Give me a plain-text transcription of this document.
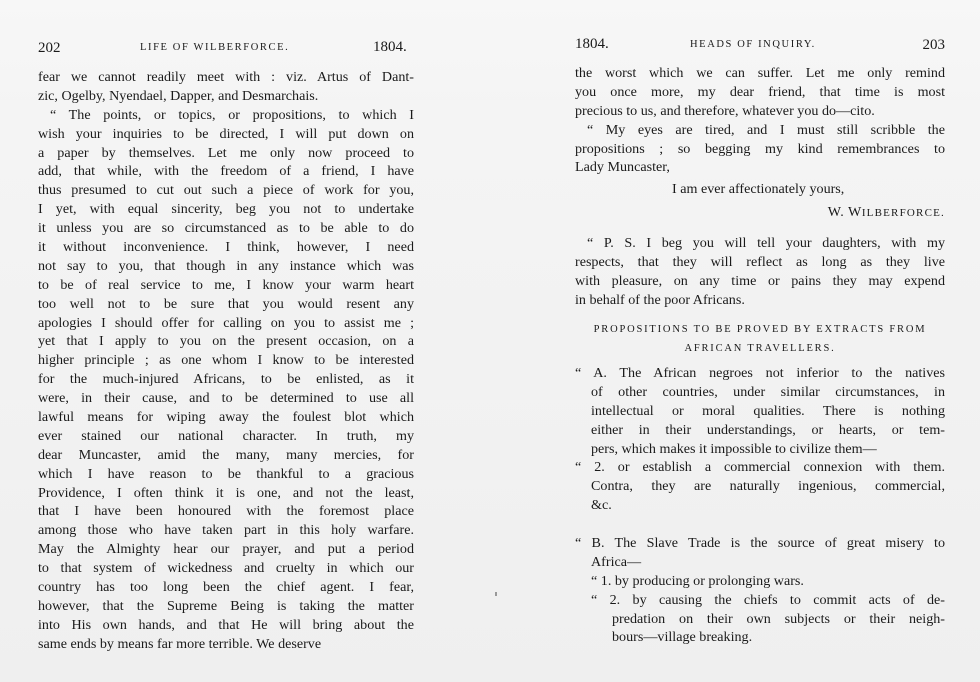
202	LIFE OF WILBERFORCE.	1804.
fear we cannot readily meet with : viz. Artus of Dant-
zic, Ogelby, Nyendael, Dapper, and Desmarchais.
“ The points, or topics, or propositions, to which I
wish your inquiries to be directed, I will put down on
a paper by themselves. Let me only now proceed to
add, that while, with the freedom of a friend, I have
thus presumed to cut out such a piece of work for you,
I yet, with equal sincerity, beg you not to undertake
it unless you are so circumstanced as to be able to do
it without inconvenience. I think, however, I need
not say to you, that though in any instance which was
to be of real service to me, I know your warm heart
too well not to be sure that you would resent any
apologies I should offer for calling on you to assist me ;
yet that I apply to you on the present occasion, on a
higher principle ; as one whom I know to be interested
for the much-injured Africans, to be enlisted, as it
were, in their cause, and to be determined to use all
lawful means for wiping away the foulest blot which
ever stained our national character. In truth, my
dear Muncaster, amid the many, many mercies, for
which I have reason to be thankful to a gracious
Providence, I often think it is one, and not the least,
that I have been honoured with the foremost place
among those who have taken part in this holy warfare.
May the Almighty hear our prayer, and put a period
to that system of wickedness and cruelty in which our
country has too long been the chief agent. I fear,
however, that the Supreme Being is taking the matter
into His own hands, and that He will bring about the
same ends by means far more terrible. We deserve
1804.	HEADS OF INQUIRY.	203
the worst which we can suffer. Let me only remind
you once more, my dear friend, that time is most
precious to us, and therefore, whatever you do—cito.
“ My eyes are tired, and I must still scribble the
propositions ; so begging my kind remembrances to
Lady Muncaster,
I am ever affectionately yours,
W. WILBERFORCE.
“ P. S. I beg you will tell your daughters, with my
respects, that they will reflect as long as they live
with pleasure, on any time or pains they may expend
in behalf of the poor Africans.
PROPOSITIONS TO BE PROVED BY EXTRACTS FROM
AFRICAN TRAVELLERS.
“ A. The African negroes not inferior to the natives
of other countries, under similar circumstances, in
intellectual or moral qualities. There is nothing
either in their understandings, or hearts, or tem-
pers, which makes it impossible to civilize them—
“ 2. or establish a commercial connexion with them.
Contra, they are naturally ingenious, commercial,
&c.
“ B. The Slave Trade is the source of great misery to
Africa—
“ 1. by producing or prolonging wars.
“ 2. by causing the chiefs to commit acts of de-
predation on their own subjects or their neigh-
bours—village breaking.
